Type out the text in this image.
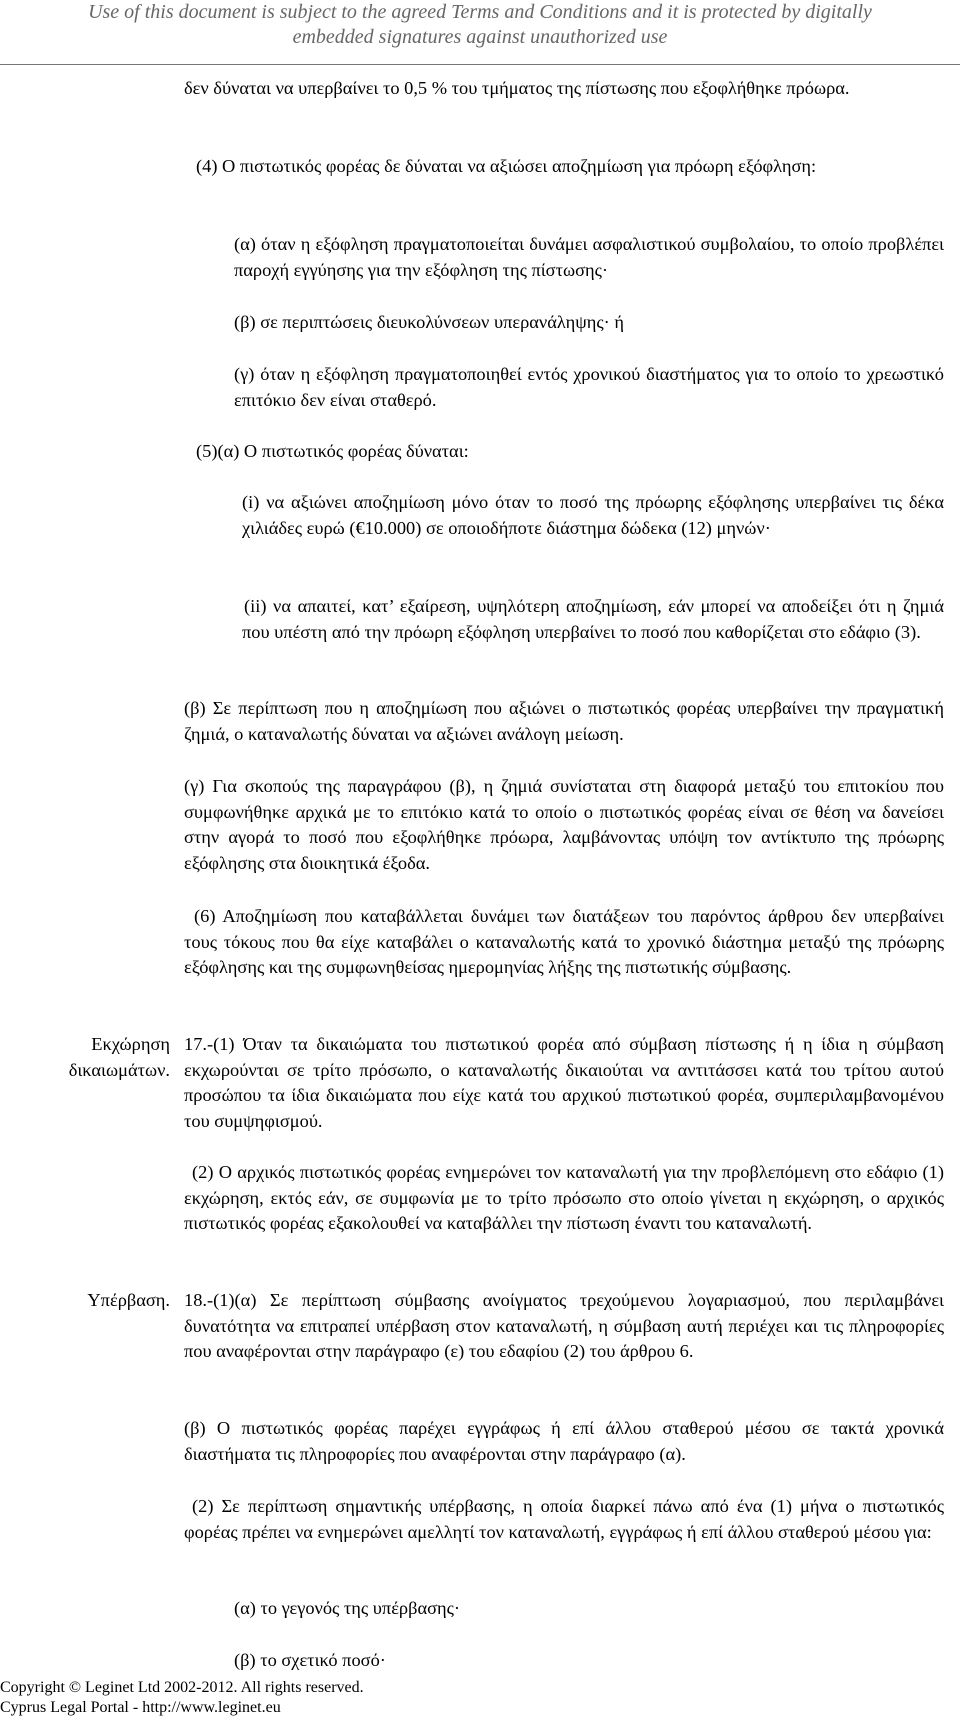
Use of this document is subject to the agreed Terms and Conditions and it is protected by digitally
embedded signatures against unauthorized use
δεν δύναται να υπερβαίνει το 0,5 % του τμήματος της πίστωσης που εξοφλήθηκε πρόωρα.
(4) Ο πιστωτικός φορέας δε δύναται να αξιώσει αποζημίωση για πρόωρη εξόφληση:
(α) όταν η εξόφληση πραγματοποιείται δυνάμει ασφαλιστικού συμβολαίου, το οποίο προβλέπει παροχή εγγύησης για την εξόφληση της πίστωσης·
(β) σε περιπτώσεις διευκολύνσεων υπερανάληψης· ή
(γ) όταν η εξόφληση πραγματοποιηθεί εντός χρονικού διαστήματος για το οποίο το χρεωστικό επιτόκιο δεν είναι σταθερό.
(5)(α) Ο πιστωτικός φορέας δύναται:
(i) να αξιώνει αποζημίωση μόνο όταν το ποσό της πρόωρης εξόφλησης υπερβαίνει τις δέκα χιλιάδες ευρώ (€10.000) σε οποιοδήποτε διάστημα δώδεκα (12) μηνών·
(ii) να απαιτεί, κατ’ εξαίρεση, υψηλότερη αποζημίωση, εάν μπορεί να αποδείξει ότι η ζημιά που υπέστη από την πρόωρη εξόφληση υπερβαίνει το ποσό που καθορίζεται στο εδάφιο (3).
(β) Σε περίπτωση που η αποζημίωση που αξιώνει ο πιστωτικός φορέας υπερβαίνει την πραγματική ζημιά, ο καταναλωτής δύναται να αξιώνει ανάλογη μείωση.
(γ) Για σκοπούς της παραγράφου (β), η ζημιά συνίσταται στη διαφορά μεταξύ του επιτοκίου που συμφωνήθηκε αρχικά με το επιτόκιο κατά το οποίο ο πιστωτικός φορέας είναι σε θέση να δανείσει στην αγορά το ποσό που εξοφλήθηκε πρόωρα, λαμβάνοντας υπόψη τον αντίκτυπο της πρόωρης εξόφλησης στα διοικητικά έξοδα.
(6) Αποζημίωση που καταβάλλεται δυνάμει των διατάξεων του παρόντος άρθρου δεν υπερβαίνει τους τόκους που θα είχε καταβάλει ο καταναλωτής κατά το χρονικό διάστημα μεταξύ της πρόωρης εξόφλησης και της συμφωνηθείσας ημερομηνίας λήξης της πιστωτικής σύμβασης.
Εκχώρηση
δικαιωμάτων.
17.-(1) Όταν τα δικαιώματα του πιστωτικού φορέα από σύμβαση πίστωσης ή η ίδια η σύμβαση εκχωρούνται σε τρίτο πρόσωπο, ο καταναλωτής δικαιούται να αντιτάσσει κατά του τρίτου αυτού προσώπου τα ίδια δικαιώματα που είχε κατά του αρχικού πιστωτικού φορέα, συμπεριλαμβανομένου του συμψηφισμού.
(2) Ο αρχικός πιστωτικός φορέας ενημερώνει τον καταναλωτή για την προβλεπόμενη στο εδάφιο (1) εκχώρηση, εκτός εάν, σε συμφωνία με το τρίτο πρόσωπο στο οποίο γίνεται η εκχώρηση, ο αρχικός πιστωτικός φορέας εξακολουθεί να καταβάλλει την πίστωση έναντι του καταναλωτή.
Υπέρβαση. 18.-(1)(α) Σε περίπτωση σύμβασης ανοίγματος τρεχούμενου λογαριασμού, που περιλαμβάνει δυνατότητα να επιτραπεί υπέρβαση στον καταναλωτή, η σύμβαση αυτή περιέχει και τις πληροφορίες που αναφέρονται στην παράγραφο (ε) του εδαφίου (2) του άρθρου 6.
(β) Ο πιστωτικός φορέας παρέχει εγγράφως ή επί άλλου σταθερού μέσου σε τακτά χρονικά διαστήματα τις πληροφορίες που αναφέρονται στην παράγραφο (α).
(2) Σε περίπτωση σημαντικής υπέρβασης, η οποία διαρκεί πάνω από ένα (1) μήνα ο πιστωτικός φορέας πρέπει να ενημερώνει αμελλητί τον καταναλωτή, εγγράφως ή επί άλλου σταθερού μέσου για:
(α) το γεγονός της υπέρβασης·
(β) το σχετικό ποσό·
Copyright © Leginet Ltd 2002-2012. All rights reserved.
Cyprus Legal Portal - http://www.leginet.eu
